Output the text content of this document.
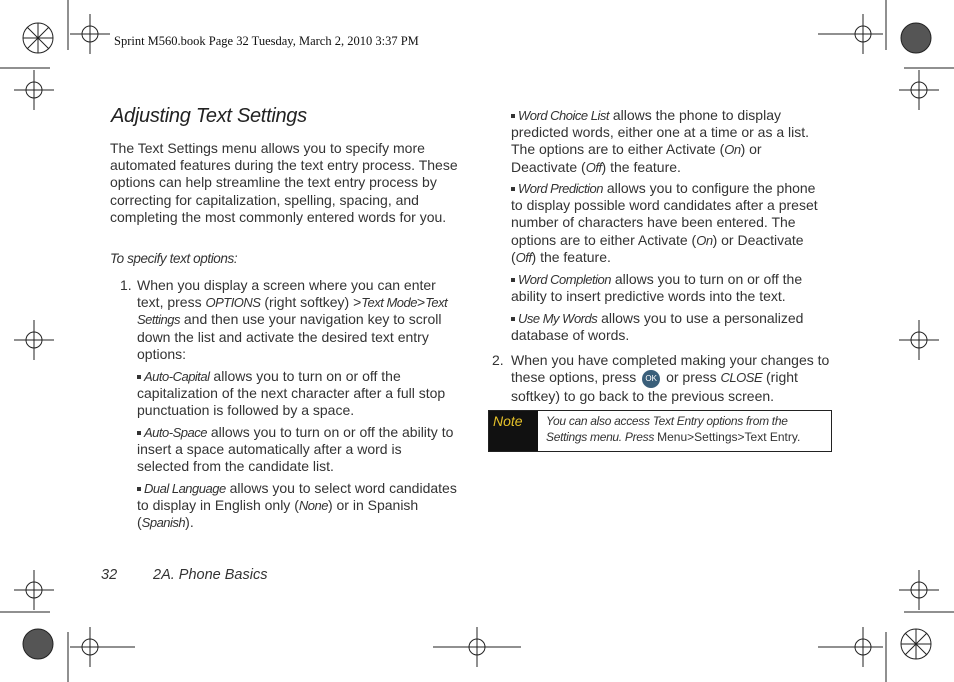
Sprint M560.book Page 32 Tuesday, March 2, 2010 3:37 PM
Adjusting Text Settings
The Text Settings menu allows you to specify more automated features during the text entry process. These options can help streamline the text entry process by correcting for capitalization, spelling, spacing, and completing the most commonly entered words for you.
To specify text options:
1. When you display a screen where you can enter text, press OPTIONS (right softkey) >Text Mode>Text Settings and then use your navigation key to scroll down the list and activate the desired text entry options:
Auto-Capital allows you to turn on or off the capitalization of the next character after a full stop punctuation is followed by a space.
Auto-Space allows you to turn on or off the ability to insert a space automatically after a word is selected from the candidate list.
Dual Language allows you to select word candidates to display in English only (None) or in Spanish (Spanish).
Word Choice List allows the phone to display predicted words, either one at a time or as a list. The options are to either Activate (On) or Deactivate (Off) the feature.
Word Prediction allows you to configure the phone to display possible word candidates after a preset number of characters have been entered. The options are to either Activate (On) or Deactivate (Off) the feature.
Word Completion allows you to turn on or off the ability to insert predictive words into the text.
Use My Words allows you to use a personalized database of words.
2. When you have completed making your changes to these options, press OK or press CLOSE (right softkey) to go back to the previous screen.
Note	You can also access Text Entry options from the Settings menu. Press Menu>Settings>Text Entry.
32 2A. Phone Basics
